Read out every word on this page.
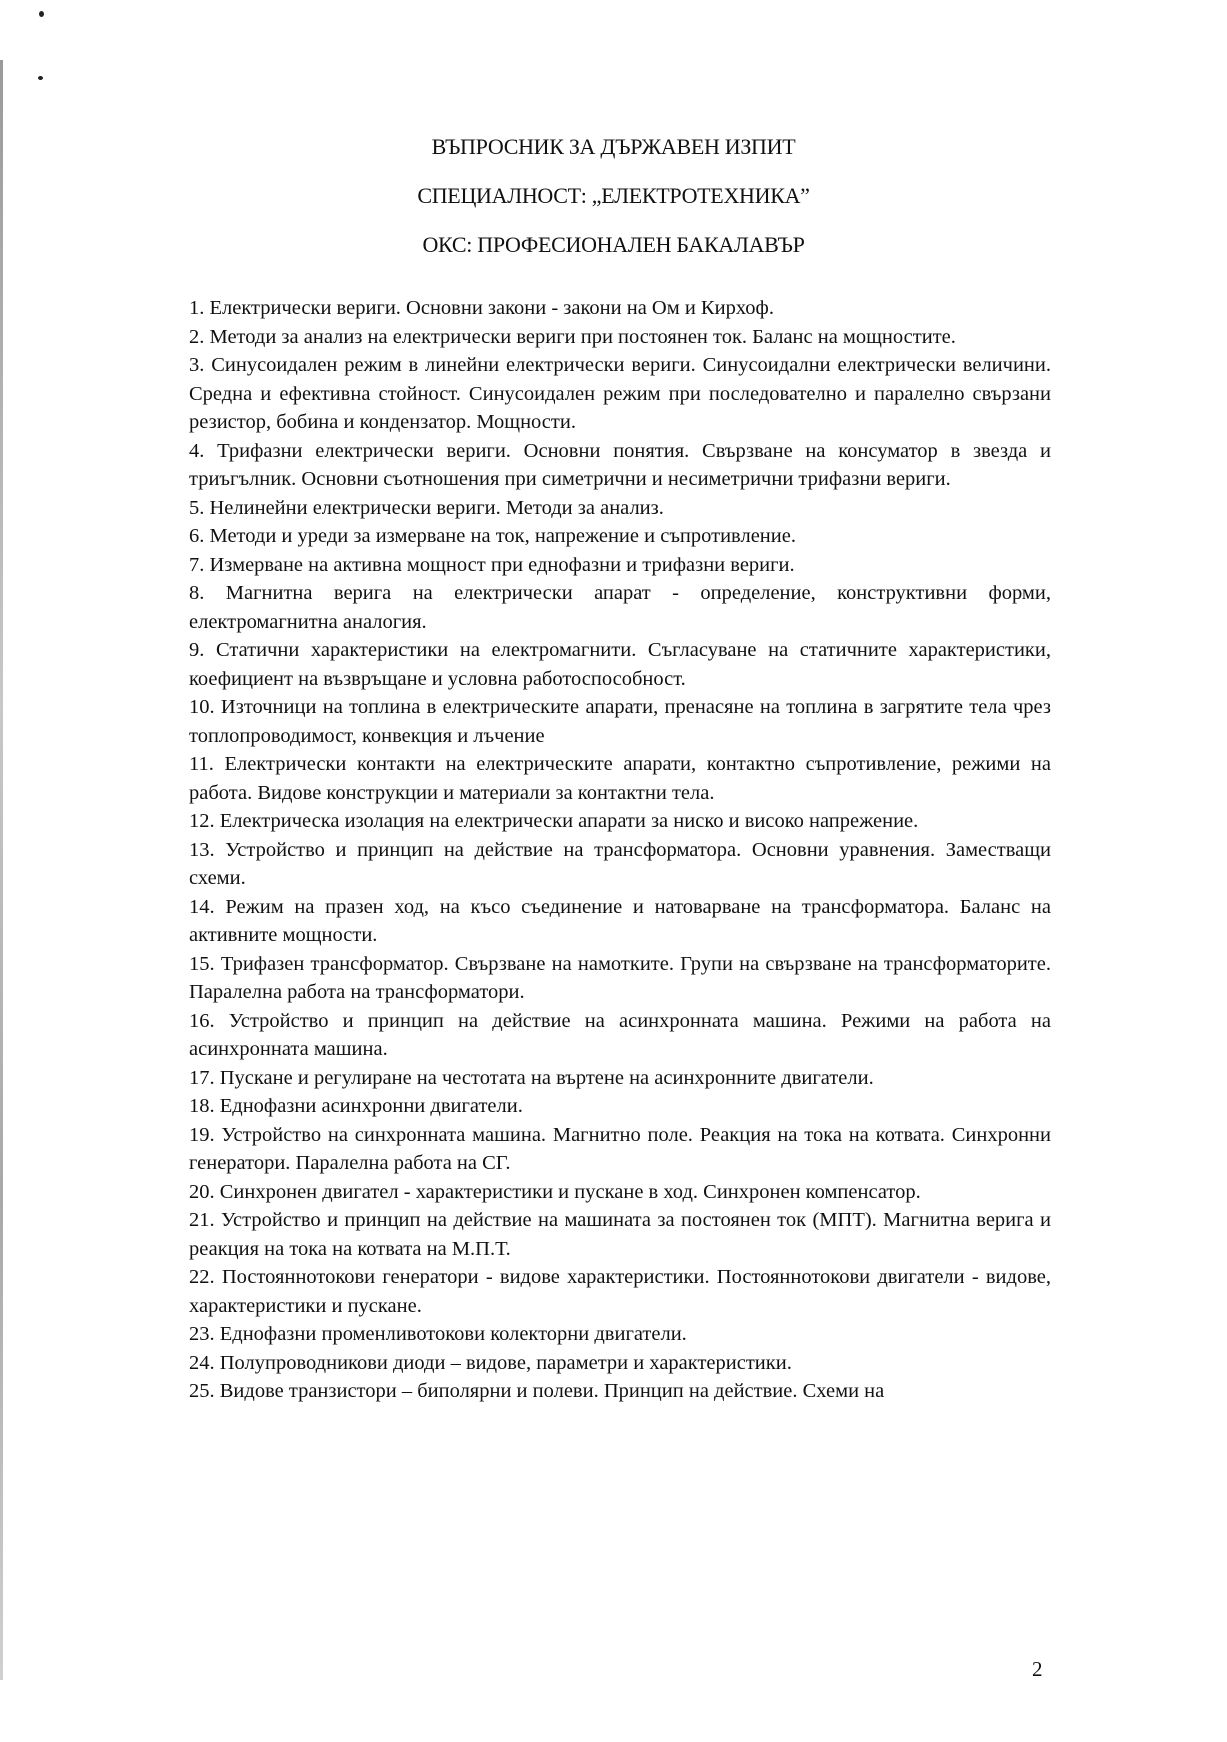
ВЪПРОСНИК ЗА ДЪРЖАВЕН ИЗПИТ
СПЕЦИАЛНОСТ: „ЕЛЕКТРОТЕХНИКА”
ОКС: ПРОФЕСИОНАЛЕН БАКАЛАВЪР
1. Електрически вериги. Основни закони - закони на Ом и Кирхоф.
2. Методи за анализ на електрически вериги при постоянен ток. Баланс на мощностите.
3. Синусоидален режим в линейни електрически вериги. Синусоидални електрически величини. Средна и ефективна стойност. Синусоидален режим при последователно и паралелно свързани резистор, бобина и кондензатор. Мощности.
4. Трифазни електрически вериги. Основни понятия. Свързване на консуматор в звезда и триъгълник. Основни съотношения при симетрични и несиметрични трифазни вериги.
5. Нелинейни електрически вериги. Методи за анализ.
6. Методи и уреди за измерване на ток, напрежение и съпротивление.
7. Измерване на активна мощност при еднофазни и трифазни вериги.
8. Магнитна верига на електрически апарат - определение, конструктивни форми, електромагнитна аналогия.
9. Статични характеристики на електромагнити. Съгласуване на статичните характеристики, коефициент на възвръщане и условна работоспособност.
10. Източници на топлина в електрическите апарати, пренасяне на топлина в загрятите тела чрез топлопроводимост, конвекция и лъчение
11. Електрически контакти на електрическите апарати, контактно съпротивление, режими на работа. Видове конструкции и материали за контактни тела.
12. Електрическа изолация на електрически апарати за ниско и високо напрежение.
13. Устройство и принцип на действие на трансформатора. Основни уравнения. Заместващи схеми.
14. Режим на празен ход, на късо съединение и натоварване на трансформатора. Баланс на активните мощности.
15. Трифазен трансформатор. Свързване на намотките. Групи на свързване на трансформаторите. Паралелна работа на трансформатори.
16. Устройство и принцип на действие на асинхронната машина. Режими на работа на асинхронната машина.
17. Пускане и регулиране на честотата на въртене на асинхронните двигатели.
18. Еднофазни асинхронни двигатели.
19. Устройство на синхронната машина. Магнитно поле. Реакция на тока на котвата. Синхронни генератори. Паралелна работа на СГ.
20. Синхронен двигател - характеристики и пускане в ход. Синхронен компенсатор.
21. Устройство и принцип на действие на машината за постоянен ток (МПТ). Магнитна верига и реакция на тока на котвата на М.П.Т.
22. Постояннотокови генератори - видове характеристики. Постояннотокови двигатели - видове, характеристики и пускане.
23. Еднофазни променливотокови колекторни двигатели.
24. Полупроводникови диоди – видове, параметри и характеристики.
25. Видове транзистори – биполярни и полеви. Принцип на действие. Схеми на
2
